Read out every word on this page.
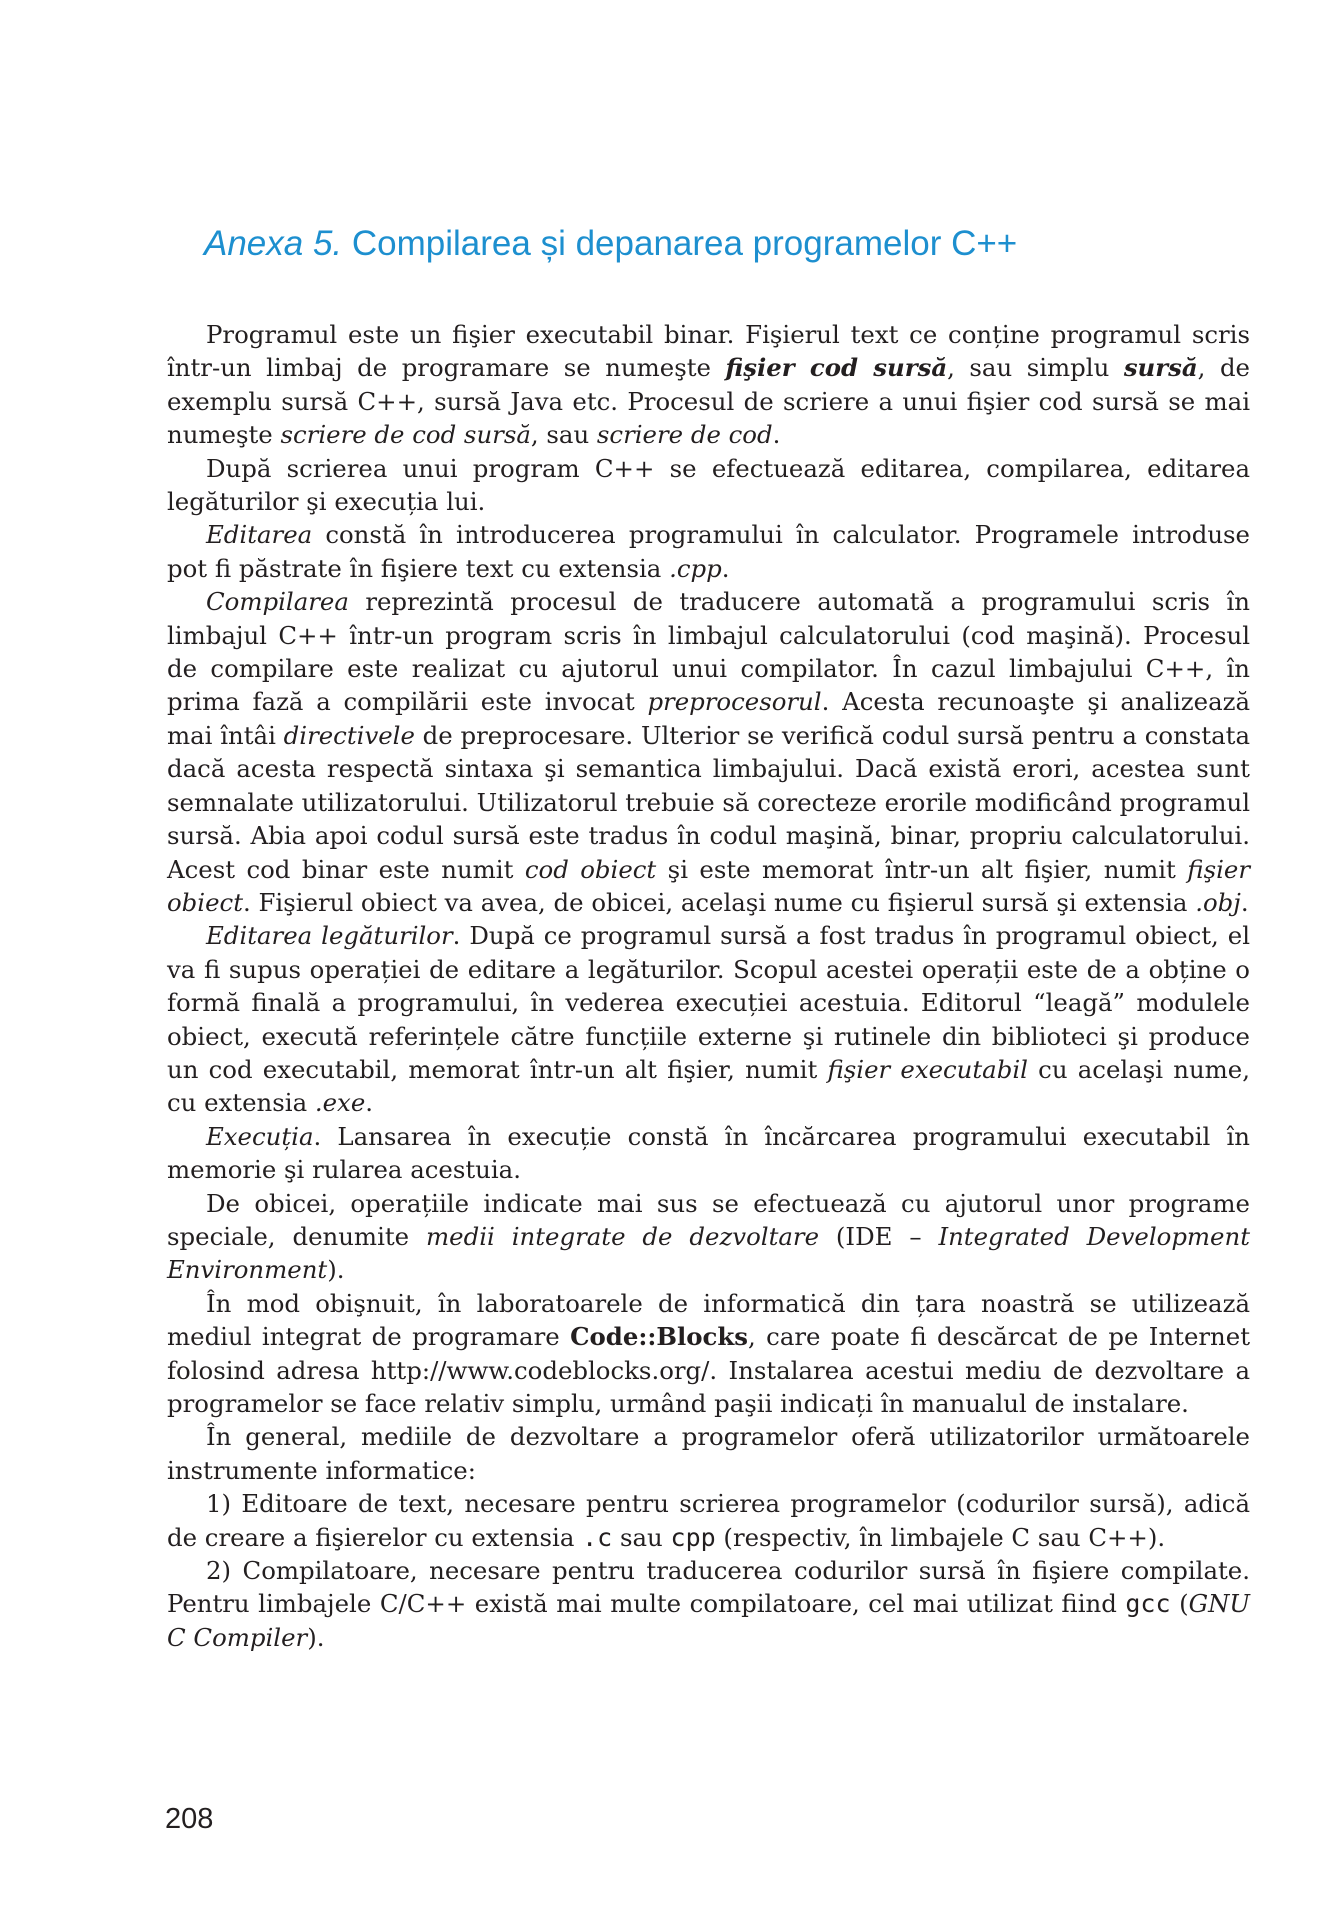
Anexa 5. Compilarea și depanarea programelor C++

Programul este un fişier executabil binar. Fişierul text ce conține programul scris într-un limbaj de programare se numeşte fişier cod sursă, sau simplu sursă, de exemplu sursă C++, sursă Java etc. Procesul de scriere a unui fişier cod sursă se mai numeşte scriere de cod sursă, sau scriere de cod.

După scrierea unui program C++ se efectuează editarea, compilarea, editarea legăturilor şi execuția lui.

Editarea constă în introducerea programului în calculator. Programele introduse pot fi păstrate în fişiere text cu extensia .cpp.

Compilarea reprezintă procesul de traducere automată a programului scris în limbajul C++ într-un program scris în limbajul calculatorului (cod maşină). Procesul de compilare este realizat cu ajutorul unui compilator. În cazul limbajului C++, în prima fază a compilării este invocat preprocesorul. Acesta recunoaşte şi analizează mai întâi directivele de preprocesare. Ulterior se verifică codul sursă pentru a constata dacă acesta respectă sintaxa şi semantica limbajului. Dacă există erori, acestea sunt semnalate utilizatorului. Utilizatorul trebuie să corecteze erorile modificând programul sursă. Abia apoi codul sursă este tradus în codul maşină, binar, propriu calculatorului. Acest cod binar este numit cod obiect şi este memorat într-un alt fişier, numit fişier obiect. Fişierul obiect va avea, de obicei, acelaşi nume cu fişierul sursă şi extensia .obj.

Editarea legăturilor. După ce programul sursă a fost tradus în programul obiect, el va fi supus operației de editare a legăturilor. Scopul acestei operații este de a obține o formă finală a programului, în vederea execuției acestuia. Editorul “leagă” modulele obiect, execută referințele către funcțiile externe şi rutinele din biblioteci şi produce un cod executabil, memorat într-un alt fişier, numit fişier executabil cu acelaşi nume, cu extensia .exe.

Execuția. Lansarea în execuție constă în încărcarea programului executabil în memorie şi rularea acestuia.

De obicei, operațiile indicate mai sus se efectuează cu ajutorul unor programe speciale, denumite medii integrate de dezvoltare (IDE – Integrated Development Environment).

În mod obişnuit, în laboratoarele de informatică din țara noastră se utilizează mediul integrat de programare Code::Blocks, care poate fi descărcat de pe Internet folosind adresa http://www.codeblocks.org/. Instalarea acestui mediu de dezvoltare a programelor se face relativ simplu, urmând paşii indicați în manualul de instalare.

În general, mediile de dezvoltare a programelor oferă utilizatorilor următoarele instrumente informatice:

1) Editoare de text, necesare pentru scrierea programelor (codurilor sursă), adică de creare a fişierelor cu extensia .c sau cpp (respectiv, în limbajele C sau C++).

2) Compilatoare, necesare pentru traducerea codurilor sursă în fişiere compilate. Pentru limbajele C/C++ există mai multe compilatoare, cel mai utilizat fiind gcc (GNU C Compiler).

208
